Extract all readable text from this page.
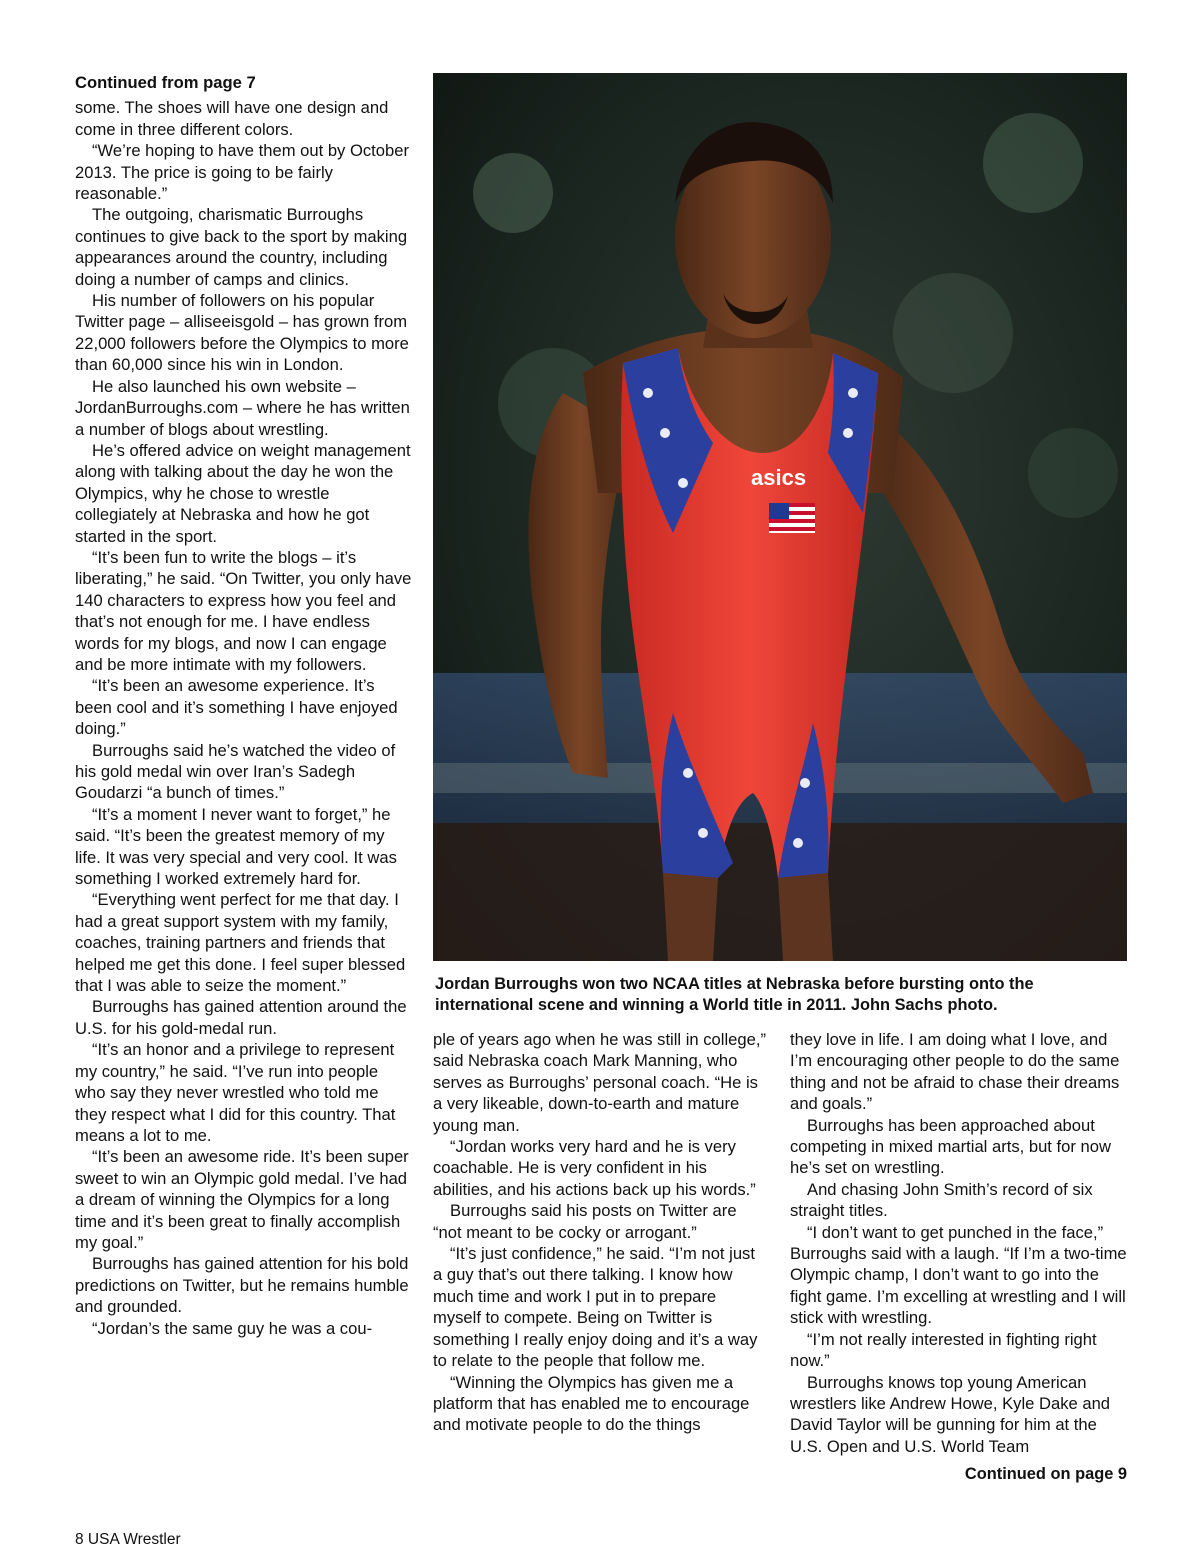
Continued from page 7

some. The shoes will have one design and come in three different colors.

“We’re hoping to have them out by October 2013. The price is going to be fairly reasonable.”

The outgoing, charismatic Burroughs continues to give back to the sport by making appearances around the country, including doing a number of camps and clinics.

His number of followers on his popular Twitter page – alliseeisgold – has grown from 22,000 followers before the Olympics to more than 60,000 since his win in London.

He also launched his own website – JordanBurroughs.com – where he has written a number of blogs about wrestling.

He’s offered advice on weight management along with talking about the day he won the Olympics, why he chose to wrestle collegiately at Nebraska and how he got started in the sport.

“It’s been fun to write the blogs – it’s liberating,” he said. “On Twitter, you only have 140 characters to express how you feel and that’s not enough for me. I have endless words for my blogs, and now I can engage and be more intimate with my followers.

“It’s been an awesome experience. It’s been cool and it’s something I have enjoyed doing.”

Burroughs said he’s watched the video of his gold medal win over Iran’s Sadegh Goudarzi “a bunch of times.”

“It’s a moment I never want to forget,” he said. “It’s been the greatest memory of my life. It was very special and very cool. It was something I worked extremely hard for.

“Everything went perfect for me that day. I had a great support system with my family, coaches, training partners and friends that helped me get this done. I feel super blessed that I was able to seize the moment.”

Burroughs has gained attention around the U.S. for his gold-medal run.

“It’s an honor and a privilege to represent my country,” he said. “I’ve run into people who say they never wrestled who told me they respect what I did for this country. That means a lot to me.

“It’s been an awesome ride. It’s been super sweet to win an Olympic gold medal. I’ve had a dream of winning the Olympics for a long time and it’s been great to finally accomplish my goal.”

Burroughs has gained attention for his bold predictions on Twitter, but he remains humble and grounded.

“Jordan’s the same guy he was a cou-

asics
Jordan Burroughs won two NCAA titles at Nebraska before bursting onto the international scene and winning a World title in 2011. John Sachs photo.

ple of years ago when he was still in college,” said Nebraska coach Mark Manning, who serves as Burroughs’ personal coach. “He is a very likeable, down-to-earth and mature young man.

“Jordan works very hard and he is very coachable. He is very confident in his abilities, and his actions back up his words.”

Burroughs said his posts on Twitter are “not meant to be cocky or arrogant.”

“It’s just confidence,” he said. “I’m not just a guy that’s out there talking. I know how much time and work I put in to prepare myself to compete. Being on Twitter is something I really enjoy doing and it’s a way to relate to the people that follow me.

“Winning the Olympics has given me a platform that has enabled me to encourage and motivate people to do the things

they love in life. I am doing what I love, and I’m encouraging other people to do the same thing and not be afraid to chase their dreams and goals.”

Burroughs has been approached about competing in mixed martial arts, but for now he’s set on wrestling.

And chasing John Smith’s record of six straight titles.

“I don’t want to get punched in the face,” Burroughs said with a laugh. “If I’m a two-time Olympic champ, I don’t want to go into the fight game. I’m excelling at wrestling and I will stick with wrestling.

“I’m not really interested in fighting right now.”

Burroughs knows top young American wrestlers like Andrew Howe, Kyle Dake and David Taylor will be gunning for him at the U.S. Open and U.S. World Team

Continued on page 9
8 USA Wrestler
